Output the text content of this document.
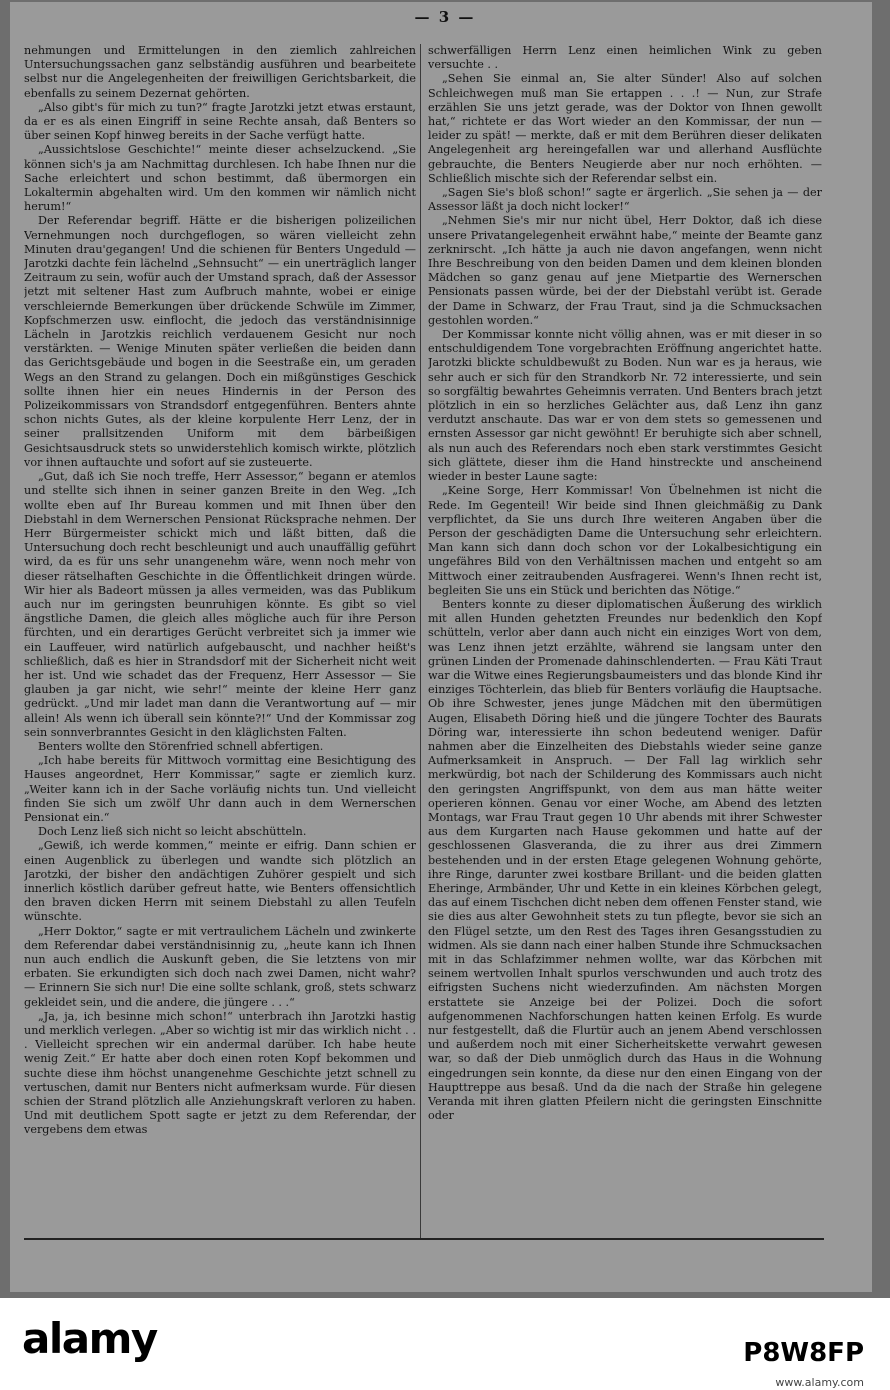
— 3 —

nehmungen und Ermittelungen in den ziemlich zahlreichen Untersuchungssachen ganz selbständig ausführen und bearbeitete selbst nur die Angelegenheiten der freiwilligen Gerichtsbarkeit, die ebenfalls zu seinem Dezernat gehörten.

„Also gibt's für mich zu tun?“ fragte Jarotzki jetzt etwas erstaunt, da er es als einen Eingriff in seine Rechte ansah, daß Benters so über seinen Kopf hinweg bereits in der Sache verfügt hatte.

„Aussichtslose Geschichte!“ meinte dieser achselzuckend. „Sie können sich's ja am Nachmittag durchlesen. Ich habe Ihnen nur die Sache erleichtert und schon bestimmt, daß übermorgen ein Lokaltermin abgehalten wird. Um den kommen wir nämlich nicht herum!“

Der Referendar begriff. Hätte er die bisherigen polizeilichen Vernehmungen noch durchgeflogen, so wären vielleicht zehn Minuten drau'gegangen! Und die schienen für Benters Ungeduld — Jarotzki dachte fein lächelnd „Sehnsucht“ — ein unerträglich langer Zeitraum zu sein, wofür auch der Umstand sprach, daß der Assessor jetzt mit seltener Hast zum Aufbruch mahnte, wobei er einige verschleiernde Bemerkungen über drückende Schwüle im Zimmer, Kopfschmerzen usw. einflocht, die jedoch das verständnisinnige Lächeln in Jarotzkis reichlich verdauenem Gesicht nur noch verstärkten. — Wenige Minuten später verließen die beiden dann das Gerichtsgebäude und bogen in die Seestraße ein, um geraden Wegs an den Strand zu gelangen. Doch ein mißgünstiges Geschick sollte ihnen hier ein neues Hindernis in der Person des Polizeikommissars von Strandsdorf entgegenführen. Benters ahnte schon nichts Gutes, als der kleine korpulente Herr Lenz, der in seiner prallsitzenden Uniform mit dem bärbeißigen Gesichtsausdruck stets so unwiderstehlich komisch wirkte, plötzlich vor ihnen auftauchte und sofort auf sie zusteuerte.

„Gut, daß ich Sie noch treffe, Herr Assessor,“ begann er atemlos und stellte sich ihnen in seiner ganzen Breite in den Weg. „Ich wollte eben auf Ihr Bureau kommen und mit Ihnen über den Diebstahl in dem Wernerschen Pensionat Rücksprache nehmen. Der Herr Bürgermeister schickt mich und läßt bitten, daß die Untersuchung doch recht beschleunigt und auch unauffällig geführt wird, da es für uns sehr unangenehm wäre, wenn noch mehr von dieser rätselhaften Geschichte in die Öffentlichkeit dringen würde. Wir hier als Badeort müssen ja alles vermeiden, was das Publikum auch nur im geringsten beunruhigen könnte. Es gibt so viel ängstliche Damen, die gleich alles mögliche auch für ihre Person fürchten, und ein derartiges Gerücht verbreitet sich ja immer wie ein Lauffeuer, wird natürlich aufgebauscht, und nachher heißt's schließlich, daß es hier in Strandsdorf mit der Sicherheit nicht weit her ist. Und wie schadet das der Frequenz, Herr Assessor — Sie glauben ja gar nicht, wie sehr!“ meinte der kleine Herr ganz gedrückt. „Und mir ladet man dann die Verantwortung auf — mir allein! Als wenn ich überall sein könnte?!“ Und der Kommissar zog sein sonnverbranntes Gesicht in den kläglichsten Falten.

Benters wollte den Störenfried schnell abfertigen.

„Ich habe bereits für Mittwoch vormittag eine Besichtigung des Hauses angeordnet, Herr Kommissar,“ sagte er ziemlich kurz. „Weiter kann ich in der Sache vorläufig nichts tun. Und vielleicht finden Sie sich um zwölf Uhr dann auch in dem Wernerschen Pensionat ein.“

Doch Lenz ließ sich nicht so leicht abschütteln.

„Gewiß, ich werde kommen,“ meinte er eifrig. Dann schien er einen Augenblick zu überlegen und wandte sich plötzlich an Jarotzki, der bisher den andächtigen Zuhörer gespielt und sich innerlich köstlich darüber gefreut hatte, wie Benters offensichtlich den braven dicken Herrn mit seinem Diebstahl zu allen Teufeln wünschte.

„Herr Doktor,“ sagte er mit vertraulichem Lächeln und zwinkerte dem Referendar dabei verständnisinnig zu, „heute kann ich Ihnen nun auch endlich die Auskunft geben, die Sie letztens von mir erbaten. Sie erkundigten sich doch nach zwei Damen, nicht wahr? — Erinnern Sie sich nur! Die eine sollte schlank, groß, stets schwarz gekleidet sein, und die andere, die jüngere . . .“

„Ja, ja, ich besinne mich schon!“ unterbrach ihn Jarotzki hastig und merklich verlegen. „Aber so wichtig ist mir das wirklich nicht . . . Vielleicht sprechen wir ein andermal darüber. Ich habe heute wenig Zeit.“ Er hatte aber doch einen roten Kopf bekommen und suchte diese ihm höchst unangenehme Geschichte jetzt schnell zu vertuschen, damit nur Benters nicht aufmerksam wurde. Für diesen schien der Strand plötzlich alle Anziehungskraft verloren zu haben. Und mit deutlichem Spott sagte er jetzt zu dem Referendar, der vergebens dem etwas

schwerfälligen Herrn Lenz einen heimlichen Wink zu geben versuchte . .

„Sehen Sie einmal an, Sie alter Sünder! Also auf solchen Schleichwegen muß man Sie ertappen . . .! — Nun, zur Strafe erzählen Sie uns jetzt gerade, was der Doktor von Ihnen gewollt hat,“ richtete er das Wort wieder an den Kommissar, der nun — leider zu spät! — merkte, daß er mit dem Berühren dieser delikaten Angelegenheit arg hereingefallen war und allerhand Ausflüchte gebrauchte, die Benters Neugierde aber nur noch erhöhten. — Schließlich mischte sich der Referendar selbst ein.

„Sagen Sie's bloß schon!“ sagte er ärgerlich. „Sie sehen ja — der Assessor läßt ja doch nicht locker!“

„Nehmen Sie's mir nur nicht übel, Herr Doktor, daß ich diese unsere Privatangelegenheit erwähnt habe,“ meinte der Beamte ganz zerknirscht. „Ich hätte ja auch nie davon angefangen, wenn nicht Ihre Beschreibung von den beiden Damen und dem kleinen blonden Mädchen so ganz genau auf jene Mietpartie des Wernerschen Pensionats passen würde, bei der der Diebstahl verübt ist. Gerade der Dame in Schwarz, der Frau Traut, sind ja die Schmucksachen gestohlen worden.“

Der Kommissar konnte nicht völlig ahnen, was er mit dieser in so entschuldigendem Tone vorgebrachten Eröffnung angerichtet hatte. Jarotzki blickte schuldbewußt zu Boden. Nun war es ja heraus, wie sehr auch er sich für den Strandkorb Nr. 72 interessierte, und sein so sorgfältig bewahrtes Geheimnis verraten. Und Benters brach jetzt plötzlich in ein so herzliches Gelächter aus, daß Lenz ihn ganz verdutzt anschaute. Das war er von dem stets so gemessenen und ernsten Assessor gar nicht gewöhnt! Er beruhigte sich aber schnell, als nun auch des Referendars noch eben stark verstimmtes Gesicht sich glättete, dieser ihm die Hand hinstreckte und anscheinend wieder in bester Laune sagte:

„Keine Sorge, Herr Kommissar! Von Übelnehmen ist nicht die Rede. Im Gegenteil! Wir beide sind Ihnen gleichmäßig zu Dank verpflichtet, da Sie uns durch Ihre weiteren Angaben über die Person der geschädigten Dame die Untersuchung sehr erleichtern. Man kann sich dann doch schon vor der Lokalbesichtigung ein ungefähres Bild von den Verhältnissen machen und entgeht so am Mittwoch einer zeitraubenden Ausfragerei. Wenn's Ihnen recht ist, begleiten Sie uns ein Stück und berichten das Nötige.“

Benters konnte zu dieser diplomatischen Äußerung des wirklich mit allen Hunden gehetzten Freundes nur bedenklich den Kopf schütteln, verlor aber dann auch nicht ein einziges Wort von dem, was Lenz ihnen jetzt erzählte, während sie langsam unter den grünen Linden der Promenade dahinschlenderten. — Frau Käti Traut war die Witwe eines Regierungsbaumeisters und das blonde Kind ihr einziges Töchterlein, das blieb für Benters vorläufig die Hauptsache. Ob ihre Schwester, jenes junge Mädchen mit den übermütigen Augen, Elisabeth Döring hieß und die jüngere Tochter des Baurats Döring war, interessierte ihn schon bedeutend weniger. Dafür nahmen aber die Einzelheiten des Diebstahls wieder seine ganze Aufmerksamkeit in Anspruch. — Der Fall lag wirklich sehr merkwürdig, bot nach der Schilderung des Kommissars auch nicht den geringsten Angriffspunkt, von dem aus man hätte weiter operieren können. Genau vor einer Woche, am Abend des letzten Montags, war Frau Traut gegen 10 Uhr abends mit ihrer Schwester aus dem Kurgarten nach Hause gekommen und hatte auf der geschlossenen Glasveranda, die zu ihrer aus drei Zimmern bestehenden und in der ersten Etage gelegenen Wohnung gehörte, ihre Ringe, darunter zwei kostbare Brillant- und die beiden glatten Eheringe, Armbänder, Uhr und Kette in ein kleines Körbchen gelegt, das auf einem Tischchen dicht neben dem offenen Fenster stand, wie sie dies aus alter Gewohnheit stets zu tun pflegte, bevor sie sich an den Flügel setzte, um den Rest des Tages ihren Gesangsstudien zu widmen. Als sie dann nach einer halben Stunde ihre Schmucksachen mit in das Schlafzimmer nehmen wollte, war das Körbchen mit seinem wertvollen Inhalt spurlos verschwunden und auch trotz des eifrigsten Suchens nicht wiederzufinden. Am nächsten Morgen erstattete sie Anzeige bei der Polizei. Doch die sofort aufgenommenen Nachforschungen hatten keinen Erfolg. Es wurde nur festgestellt, daß die Flurtür auch an jenem Abend verschlossen und außerdem noch mit einer Sicherheitskette verwahrt gewesen war, so daß der Dieb unmöglich durch das Haus in die Wohnung eingedrungen sein konnte, da diese nur den einen Eingang von der Haupttreppe aus besaß. Und da die nach der Straße hin gelegene Veranda mit ihren glatten Pfeilern nicht die geringsten Einschnitte oder

alamy	P8W8FP
www.alamy.com
